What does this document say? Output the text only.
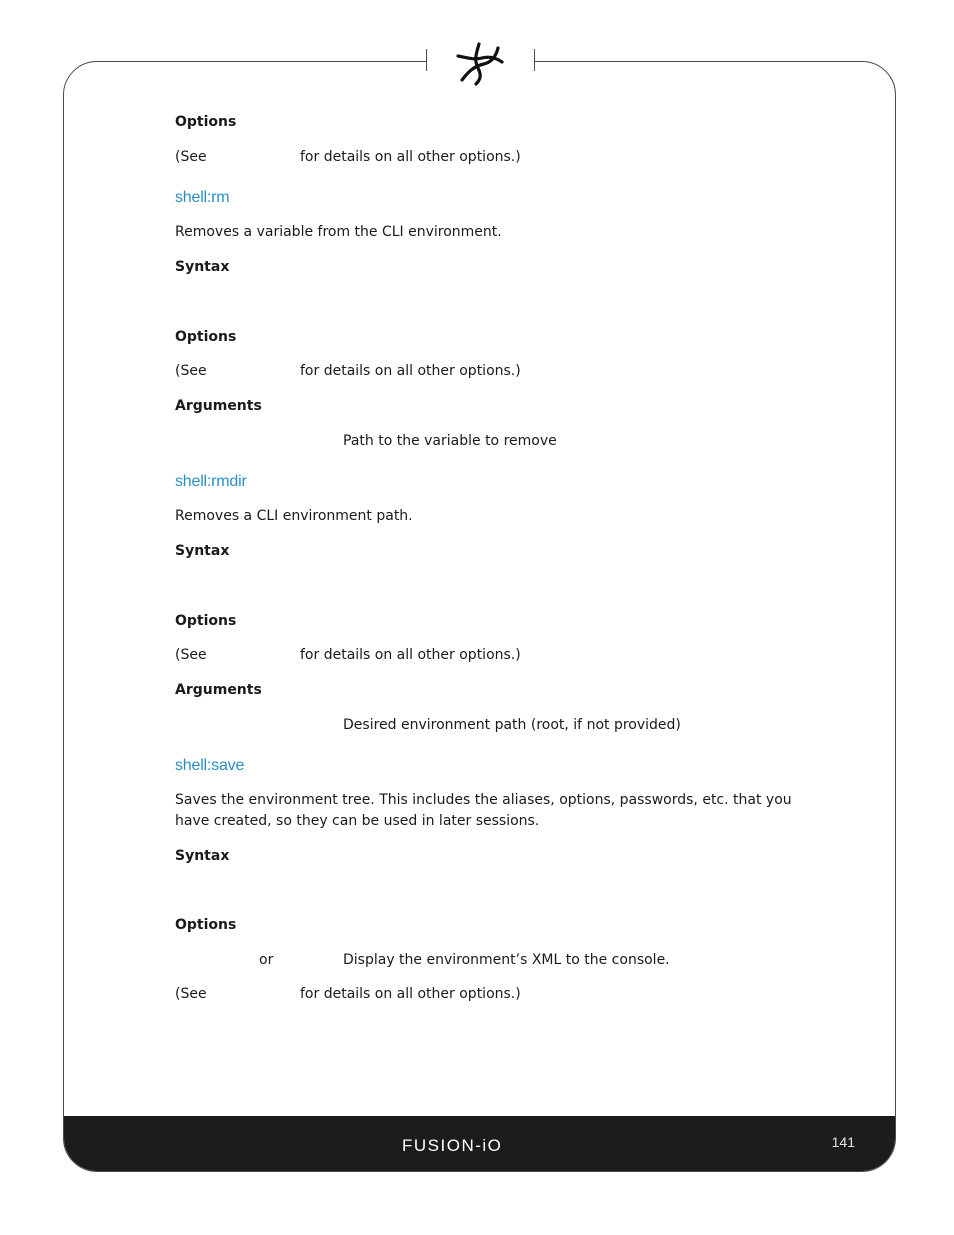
FUSION-iO	141
Options
(See	for details on all other options.)
shell:rm
Removes a variable from the CLI environment.
Syntax
Options
(See	for details on all other options.)
Arguments
Path to the variable to remove
shell:rmdir
Removes a CLI environment path.
Syntax
Options
(See	for details on all other options.)
Arguments
Desired environment path (root, if not provided)
shell:save
Saves the environment tree. This includes the aliases, options, passwords, etc. that you have created, so they can be used in later sessions.
Syntax
Options
or	Display the environment’s XML to the console.
(See	for details on all other options.)
